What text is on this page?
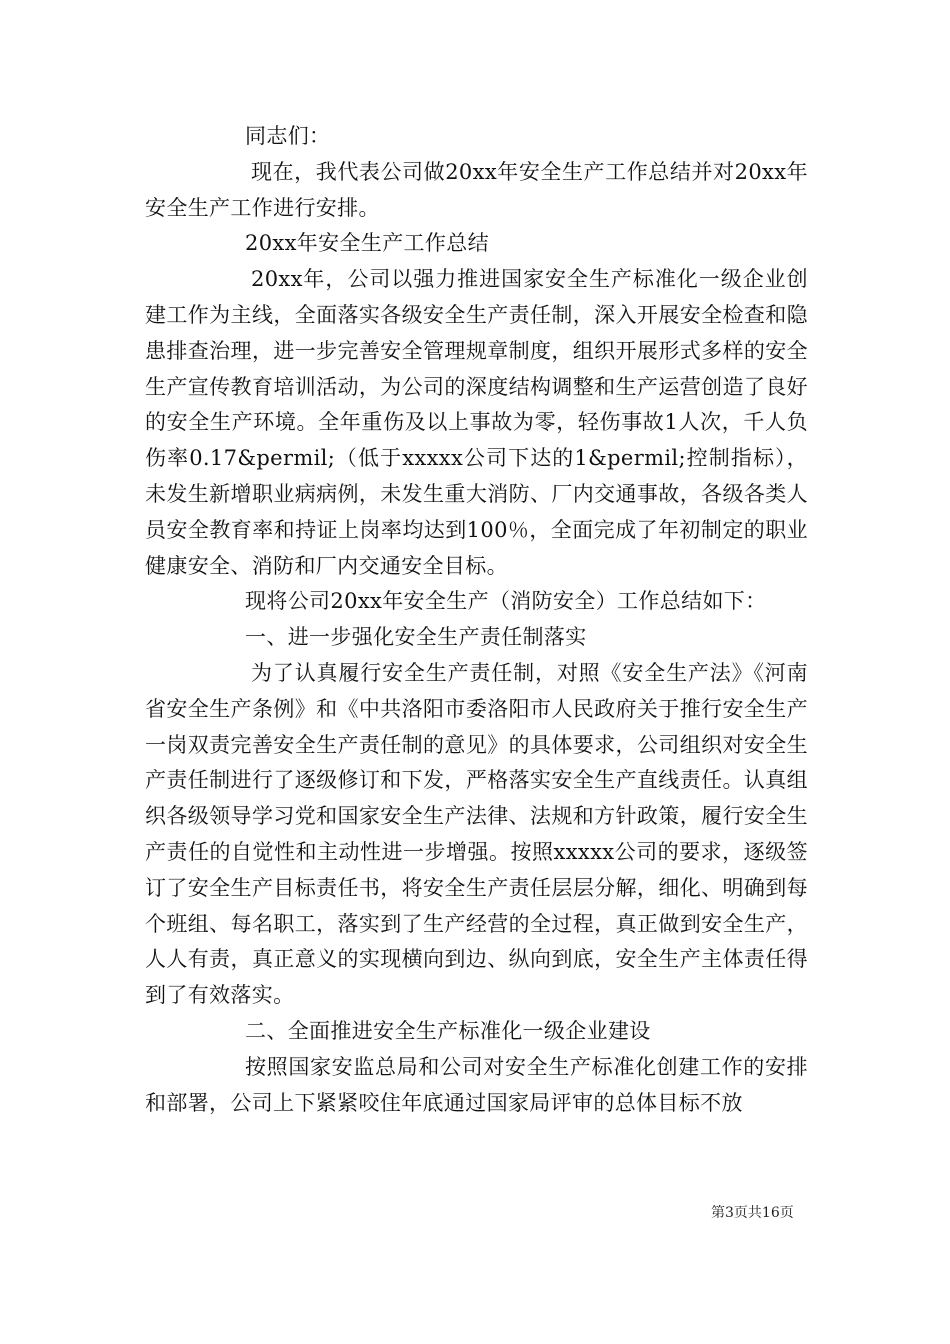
同志们：

现在，我代表公司做20xx年安全生产工作总结并对20xx年安全生产工作进行安排。

20xx年安全生产工作总结

20xx年，公司以强力推进国家安全生产标准化一级企业创建工作为主线，全面落实各级安全生产责任制，深入开展安全检查和隐患排查治理，进一步完善安全管理规章制度，组织开展形式多样的安全生产宣传教育培训活动，为公司的深度结构调整和生产运营创造了良好的安全生产环境。全年重伤及以上事故为零，轻伤事故1人次，千人负伤率0.17&permil;（低于xxxxx公司下达的1&permil;控制指标），未发生新增职业病病例，未发生重大消防、厂内交通事故，各级各类人员安全教育率和持证上岗率均达到100％，全面完成了年初制定的职业健康安全、消防和厂内交通安全目标。

现将公司20xx年安全生产（消防安全）工作总结如下：

一、进一步强化安全生产责任制落实

为了认真履行安全生产责任制，对照《安全生产法》《河南省安全生产条例》和《中共洛阳市委洛阳市人民政府关于推行安全生产一岗双责完善安全生产责任制的意见》的具体要求，公司组织对安全生产责任制进行了逐级修订和下发，严格落实安全生产直线责任。认真组织各级领导学习党和国家安全生产法律、法规和方针政策，履行安全生产责任的自觉性和主动性进一步增强。按照xxxxx公司的要求，逐级签订了安全生产目标责任书，将安全生产责任层层分解，细化、明确到每个班组、每名职工，落实到了生产经营的全过程，真正做到安全生产，人人有责，真正意义的实现横向到边、纵向到底，安全生产主体责任得到了有效落实。

二、全面推进安全生产标准化一级企业建设

按照国家安监总局和公司对安全生产标准化创建工作的安排和部署，公司上下紧紧咬住年底通过国家局评审的总体目标不放

第3页共16页
